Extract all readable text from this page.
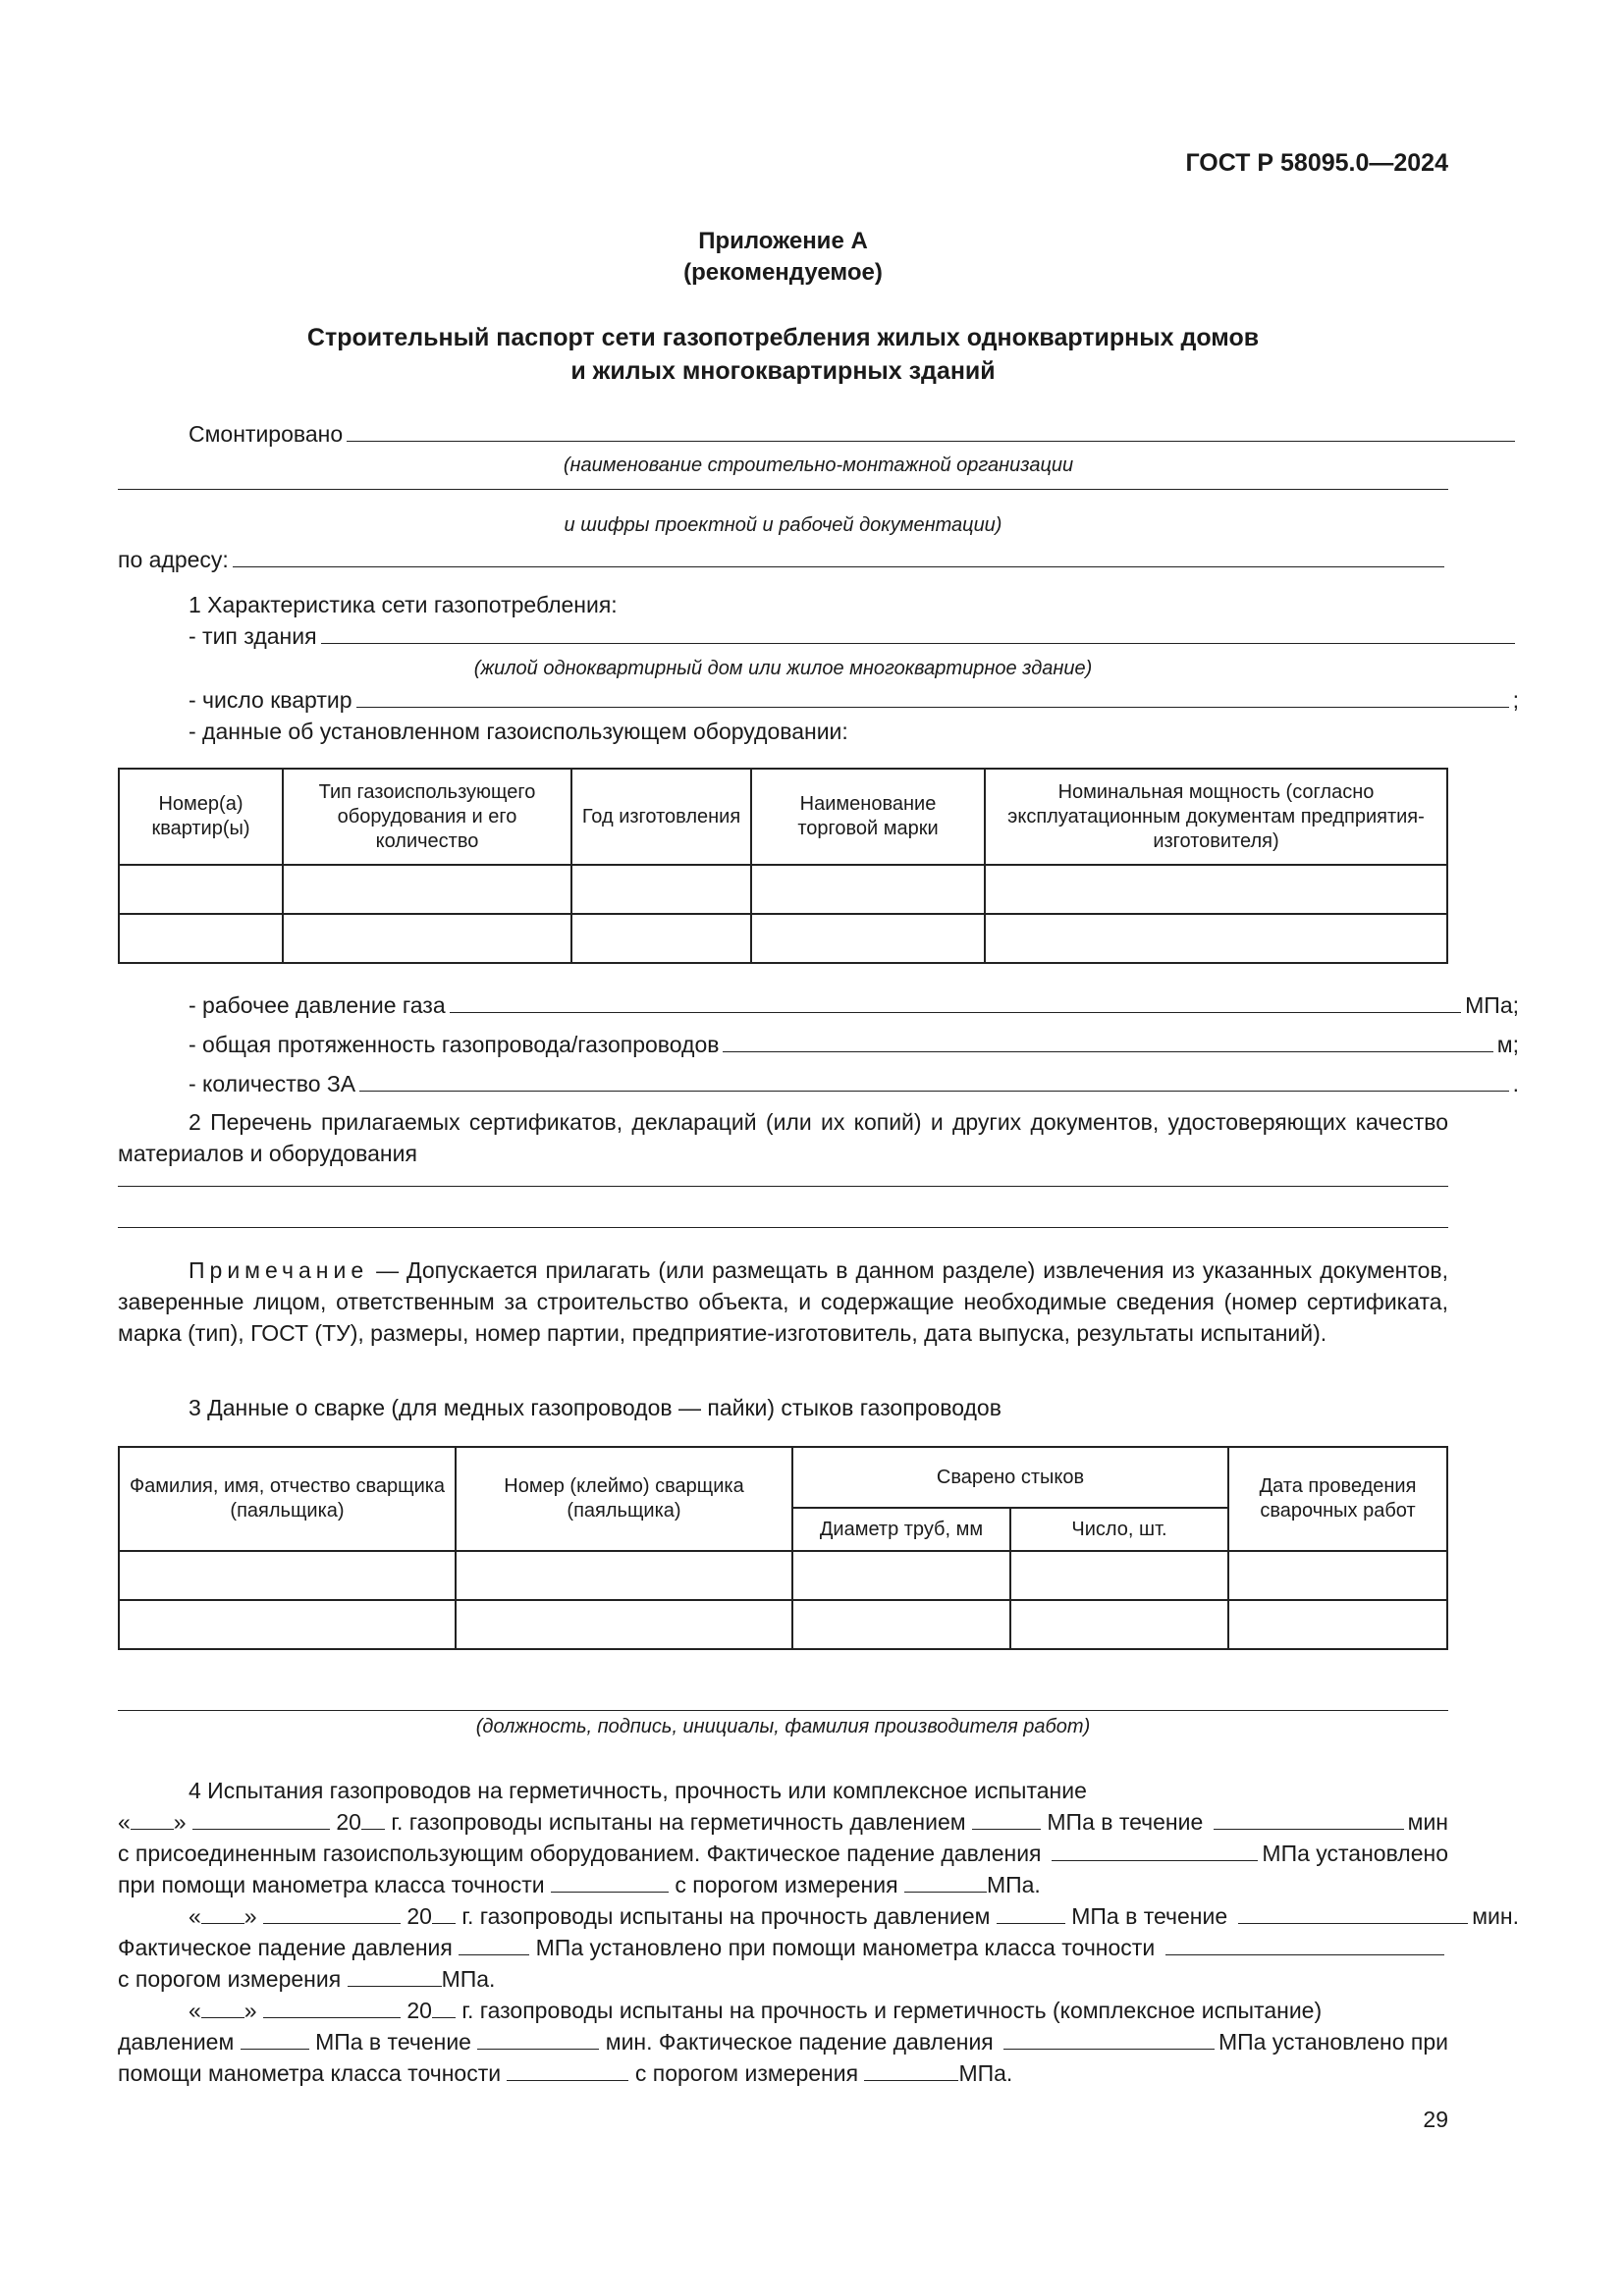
ГОСТ Р 58095.0—2024
Приложение А
(рекомендуемое)
Строительный паспорт сети газопотребления жилых одноквартирных домов
и жилых многоквартирных зданий
Смонтировано
(наименование строительно-монтажной организации
и шифры проектной и рабочей документации)
по адресу:
1 Характеристика сети газопотребления:
- тип здания
(жилой одноквартирный дом или жилое многоквартирное здание)
- число квартир	;
- данные об установленном газоиспользующем оборудовании:
Номер(а) квартир(ы)	Тип газоиспользующего оборудования и его количество	Год изготовления	Наименование торговой марки	Номинальная мощность (согласно эксплуатационным документам предприятия-изготовителя)

- рабочее давление газа	МПа;
- общая протяженность газопровода/газопроводов	м;
- количество ЗА	.
2 Перечень прилагаемых сертификатов, деклараций (или их копий) и других документов, удостоверяющих качество материалов и оборудования
Примечание — Допускается прилагать (или размещать в данном разделе) извлечения из указанных документов, заверенные лицом, ответственным за строительство объекта, и содержащие необходимые сведения (номер сертификата, марка (тип), ГОСТ (ТУ), размеры, номер партии, предприятие-изготовитель, дата выпуска, результаты испытаний).
3 Данные о сварке (для медных газопроводов — пайки) стыков газопроводов
Фамилия, имя, отчество сварщика (паяльщика)	Номер (клеймо) сварщика (паяльщика)	Сварено стыков		Дата проведения сварочных работ
		Диаметр труб, мм	Число, шт.	

(должность, подпись, инициалы, фамилия производителя работ)
4 Испытания газопроводов на герметичность, прочность или комплексное испытание
« »

	20
г. газопроводы испытаны на герметичность давлением

	МПа в течение
	мин
с присоединенным газоиспользующим оборудованием. Фактическое падение давления
	МПа установлено
при помощи манометра класса точности	с порогом измерения	МПа.
« »

	20
г. газопроводы испытаны на прочность давлением

	МПа в течение
	мин.
Фактическое падение давления

	МПа установлено при помощи манометра класса точности

с порогом измерения	МПа.
« »

	20
г. газопроводы испытаны на прочность и герметичность (комплексное испытание)
давлением

	МПа в течение

	мин. Фактическое падение давления
	МПа установлено при
помощи манометра класса точности	с порогом измерения	МПа.
29
